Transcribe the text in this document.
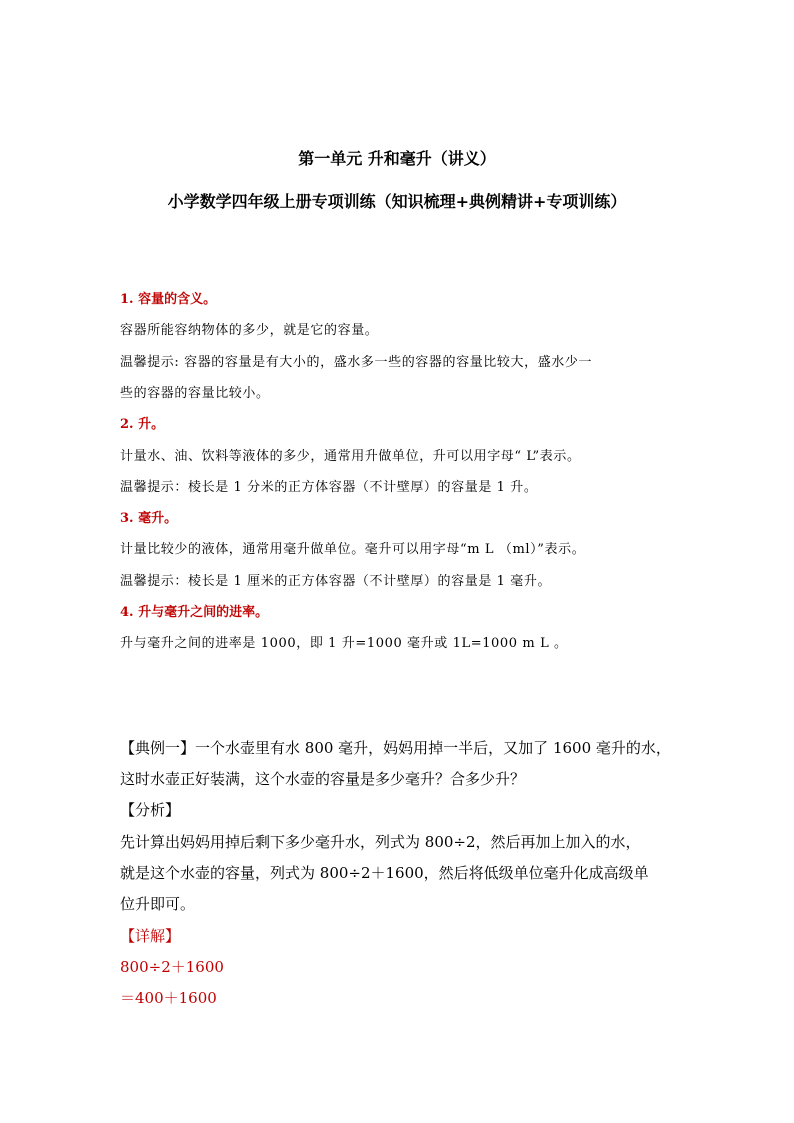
第一单元 升和毫升（讲义）
小学数学四年级上册专项训练（知识梳理+典例精讲+专项训练）
1. 容量的含义。
容器所能容纳物体的多少，就是它的容量。
温馨提示: 容器的容量是有大小的，盛水多一些的容器的容量比较大，盛水少一
些的容器的容量比较小。
2. 升。
计量水、油、饮料等液体的多少，通常用升做单位，升可以用字母“ L”表示。
温馨提示：棱长是 1 分米的正方体容器（不计壁厚）的容量是 1 升。
3. 毫升。
计量比较少的液体，通常用毫升做单位。毫升可以用字母“m L （ml）”表示。
温馨提示：棱长是 1 厘米的正方体容器（不计壁厚）的容量是 1 毫升。
4. 升与毫升之间的进率。
升与毫升之间的进率是 1000，即 1 升=1000 毫升或 1L=1000 m L 。
【典例一】一个水壶里有水 800 毫升，妈妈用掉一半后，又加了 1600 毫升的水，
这时水壶正好装满，这个水壶的容量是多少毫升？合多少升？
【分析】
先计算出妈妈用掉后剩下多少毫升水，列式为 800÷2，然后再加上加入的水，
就是这个水壶的容量，列式为 800÷2＋1600，然后将低级单位毫升化成高级单
位升即可。
【详解】
800÷2＋1600
＝400＋1600
